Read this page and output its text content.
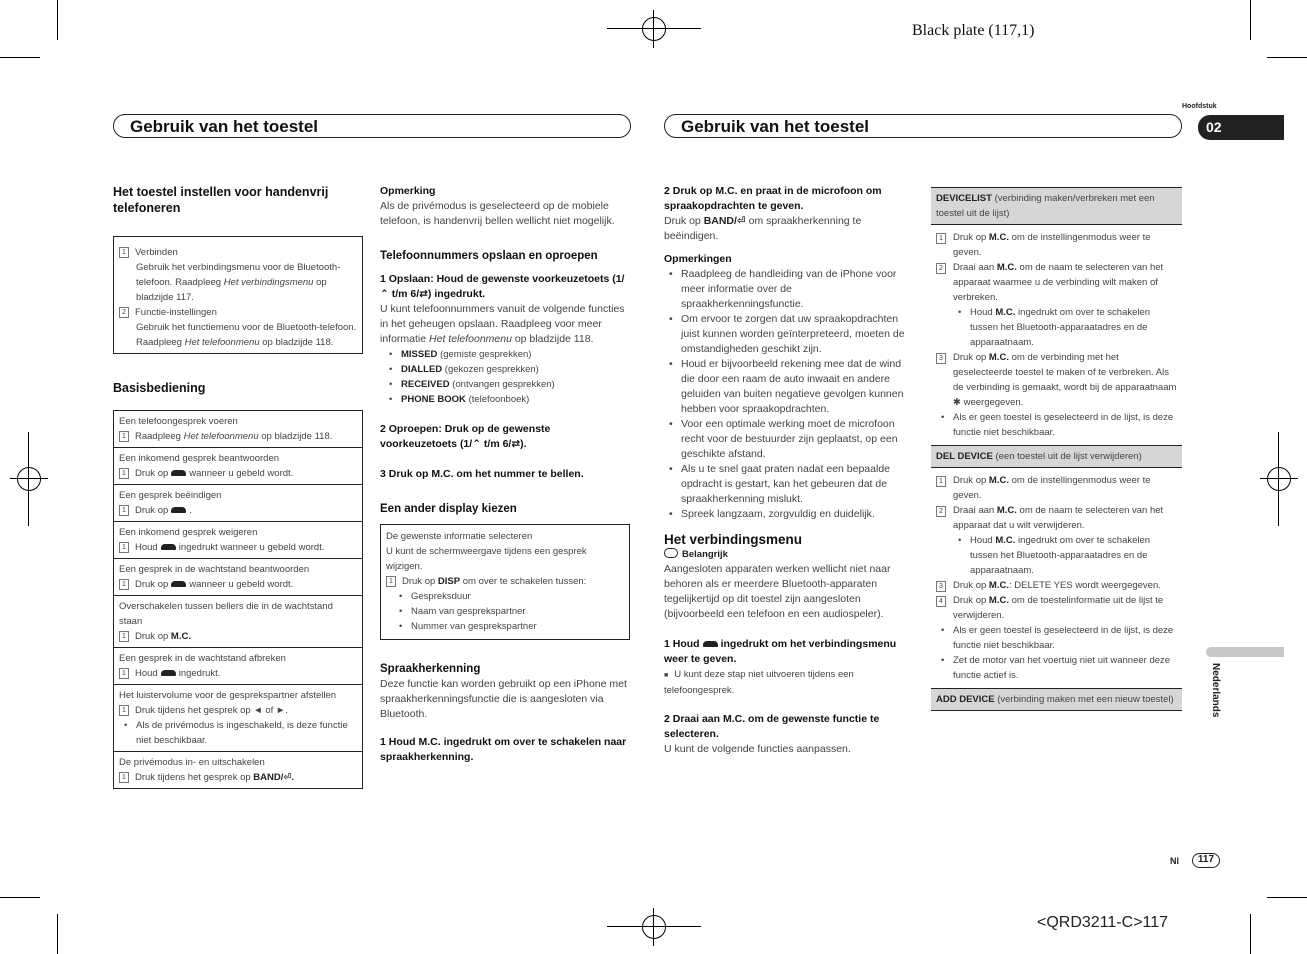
Black plate (117,1)
Gebruik van het toestel	Gebruik van het toestel
Hoofdstuk
02
Het toestel instellen voor handenvrij telefoneren
1 Verbinden
Gebruik het verbindingsmenu voor de Bluetooth-telefoon. Raadpleeg Het verbindingsmenu op bladzijde 117.
2 Functie-instellingen
Gebruik het functiemenu voor de Bluetooth-telefoon. Raadpleeg Het telefoonmenu op bladzijde 118.
Basisbediening
Een telefoongesprek voeren
1 Raadpleeg Het telefoonmenu op bladzijde 118.
Een inkomend gesprek beantwoorden
1 Druk op wanneer u gebeld wordt.
Een gesprek beëindigen
1 Druk op .
Een inkomend gesprek weigeren
1 Houd ingedrukt wanneer u gebeld wordt.
Een gesprek in de wachtstand beantwoorden
1 Druk op wanneer u gebeld wordt.
Overschakelen tussen bellers die in de wachtstand staan
1 Druk op M.C.
Een gesprek in de wachtstand afbreken
1 Houd ingedrukt.
Het luistervolume voor de gesprekspartner afstellen
1 Druk tijdens het gesprek op ◄ of ►.
• Als de privémodus is ingeschakeld, is deze functie niet beschikbaar.
De privémodus in- en uitschakelen
1 Druk tijdens het gesprek op BAND/⏎.
Opmerking
Als de privémodus is geselecteerd op de mobiele telefoon, is handenvrij bellen wellicht niet mogelijk.
Telefoonnummers opslaan en oproepen
1 Opslaan: Houd de gewenste voorkeuzetoets (1/⌃ t/m 6/⇄) ingedrukt.
U kunt telefoonnummers vanuit de volgende functies in het geheugen opslaan. Raadpleeg voor meer informatie Het telefoonmenu op bladzijde 118.
• MISSED (gemiste gesprekken)
• DIALLED (gekozen gesprekken)
• RECEIVED (ontvangen gesprekken)
• PHONE BOOK (telefoonboek)
2 Oproepen: Druk op de gewenste voorkeuzetoets (1/⌃ t/m 6/⇄).
3 Druk op M.C. om het nummer te bellen.
Een ander display kiezen
De gewenste informatie selecteren
U kunt de schermweergave tijdens een gesprek wijzigen.
1 Druk op DISP om over te schakelen tussen:
• Gespreksduur
• Naam van gesprekspartner
• Nummer van gesprekspartner
Spraakherkenning
Deze functie kan worden gebruikt op een iPhone met spraakherkenningsfunctie die is aangesloten via Bluetooth.
1 Houd M.C. ingedrukt om over te schakelen naar spraakherkenning.
2 Druk op M.C. en praat in de microfoon om spraakopdrachten te geven.
Druk op BAND/⏎ om spraakherkenning te beëindigen.
Opmerkingen
• Raadpleeg de handleiding van de iPhone voor meer informatie over de spraakherkenningsfunctie.
• Om ervoor te zorgen dat uw spraakopdrachten juist kunnen worden geïnterpreteerd, moeten de omstandigheden geschikt zijn.
• Houd er bijvoorbeeld rekening mee dat de wind die door een raam de auto inwaait en andere geluiden van buiten negatieve gevolgen kunnen hebben voor spraakopdrachten.
• Voor een optimale werking moet de microfoon recht voor de bestuurder zijn geplaatst, op een geschikte afstand.
• Als u te snel gaat praten nadat een bepaalde opdracht is gestart, kan het gebeuren dat de spraakherkenning mislukt.
• Spreek langzaam, zorgvuldig en duidelijk.
Het verbindingsmenu
Belangrijk
Aangesloten apparaten werken wellicht niet naar behoren als er meerdere Bluetooth-apparaten tegelijkertijd op dit toestel zijn aangesloten (bijvoorbeeld een telefoon en een audiospeler).
1 Houd ingedrukt om het verbindingsmenu weer te geven.
■ U kunt deze stap niet uitvoeren tijdens een telefoongesprek.
2 Draai aan M.C. om de gewenste functie te selecteren.
U kunt de volgende functies aanpassen.
DEVICELIST (verbinding maken/verbreken met een toestel uit de lijst)
1	Druk op M.C. om de instellingenmodus weer te geven.
2	Draai aan M.C. om de naam te selecteren van het apparaat waarmee u de verbinding wilt maken of verbreken.
• Houd M.C. ingedrukt om over te schakelen tussen het Bluetooth-apparaatadres en de apparaatnaam.
3	Druk op M.C. om de verbinding met het geselecteerde toestel te maken of te verbreken. Als de verbinding is gemaakt, wordt bij de apparaatnaam ✱ weergegeven.
• Als er geen toestel is geselecteerd in de lijst, is deze functie niet beschikbaar.
DEL DEVICE (een toestel uit de lijst verwijderen)
1	Druk op M.C. om de instellingenmodus weer te geven.
2	Draai aan M.C. om de naam te selecteren van het apparaat dat u wilt verwijderen.
• Houd M.C. ingedrukt om over te schakelen tussen het Bluetooth-apparaatadres en de apparaatnaam.
3	Druk op M.C.: DELETE YES wordt weergegeven.
4	Druk op M.C. om de toestelinformatie uit de lijst te verwijderen.
• Als er geen toestel is geselecteerd in de lijst, is deze functie niet beschikbaar.
• Zet de motor van het voertuig niet uit wanneer deze functie actief is.
ADD DEVICE (verbinding maken met een nieuw toestel)	Nederlands
Nl	117
<QRD3211-C>117
